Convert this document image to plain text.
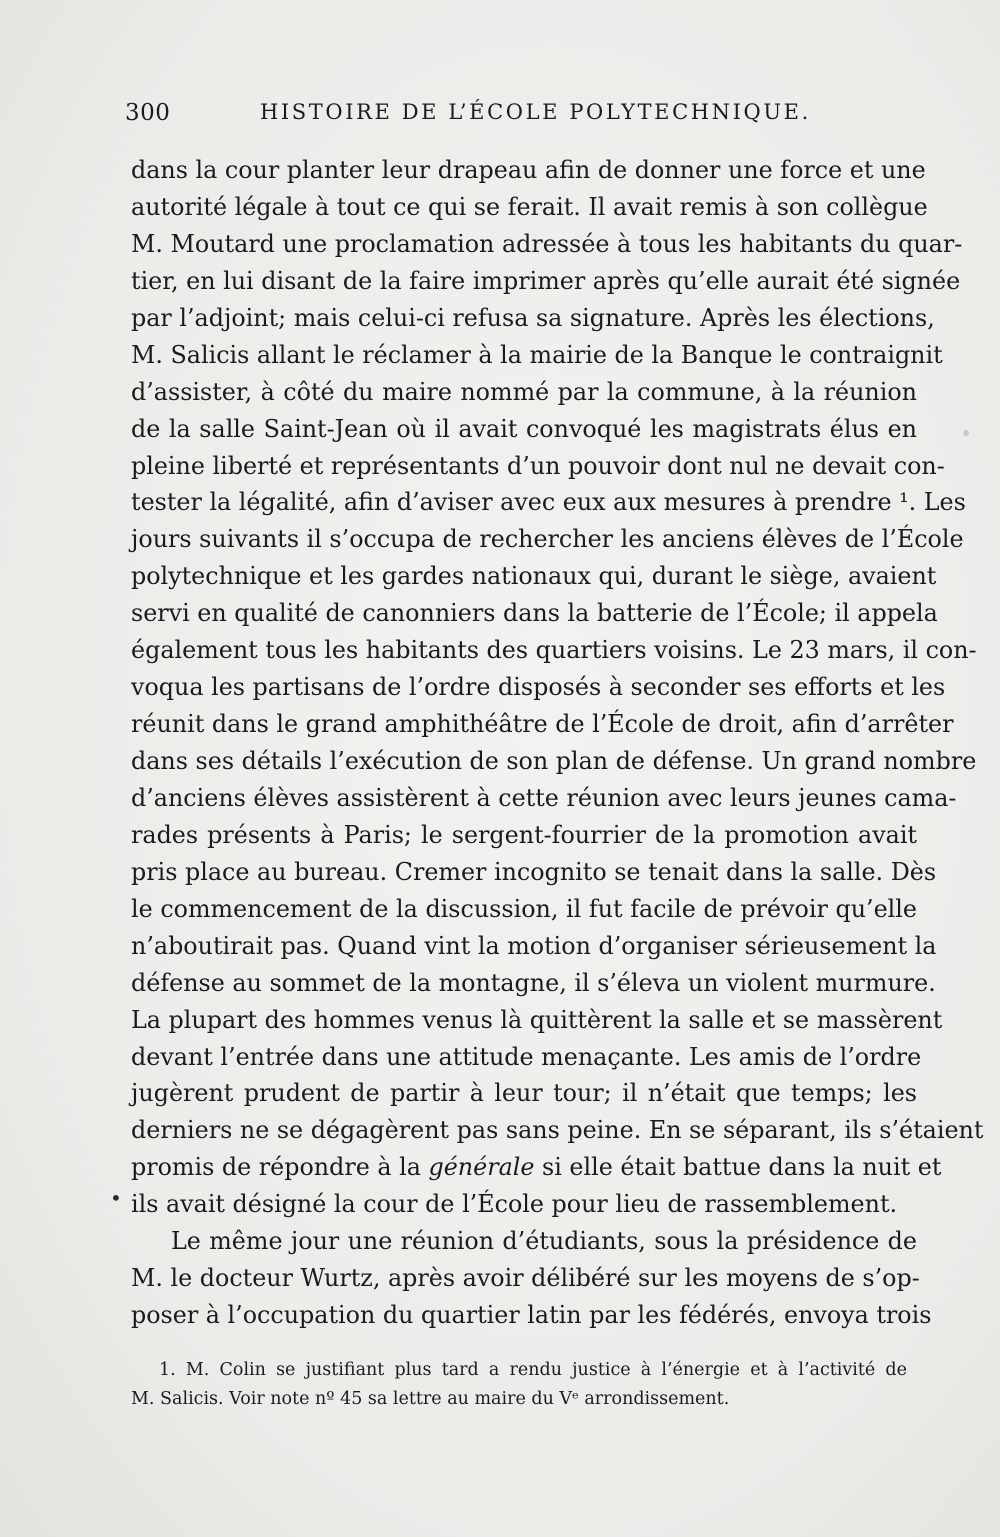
300	HISTOIRE DE L’ÉCOLE POLYTECHNIQUE.
dans la cour planter leur drapeau afin de donner une force et une
autorité légale à tout ce qui se ferait. Il avait remis à son collègue
M. Moutard une proclamation adressée à tous les habitants du quar-
tier, en lui disant de la faire imprimer après qu’elle aurait été signée
par l’adjoint; mais celui-ci refusa sa signature. Après les élections,
M. Salicis allant le réclamer à la mairie de la Banque le contraignit
d’assister, à côté du maire nommé par la commune, à la réunion
de la salle Saint-Jean où il avait convoqué les magistrats élus en
pleine liberté et représentants d’un pouvoir dont nul ne devait con-
tester la légalité, afin d’aviser avec eux aux mesures à prendre ¹. Les
jours suivants il s’occupa de rechercher les anciens élèves de l’École
polytechnique et les gardes nationaux qui, durant le siège, avaient
servi en qualité de canonniers dans la batterie de l’École; il appela
également tous les habitants des quartiers voisins. Le 23 mars, il con-
voqua les partisans de l’ordre disposés à seconder ses efforts et les
réunit dans le grand amphithéâtre de l’École de droit, afin d’arrêter
dans ses détails l’exécution de son plan de défense. Un grand nombre
d’anciens élèves assistèrent à cette réunion avec leurs jeunes cama-
rades présents à Paris; le sergent-fourrier de la promotion avait
pris place au bureau. Cremer incognito se tenait dans la salle. Dès
le commencement de la discussion, il fut facile de prévoir qu’elle
n’aboutirait pas. Quand vint la motion d’organiser sérieusement la
défense au sommet de la montagne, il s’éleva un violent murmure.
La plupart des hommes venus là quittèrent la salle et se massèrent
devant l’entrée dans une attitude menaçante. Les amis de l’ordre
jugèrent prudent de partir à leur tour; il n’était que temps; les
derniers ne se dégagèrent pas sans peine. En se séparant, ils s’étaient
promis de répondre à la générale si elle était battue dans la nuit et
ils avait désigné la cour de l’École pour lieu de rassemblement.
Le même jour une réunion d’étudiants, sous la présidence de
M. le docteur Wurtz, après avoir délibéré sur les moyens de s’op-
poser à l’occupation du quartier latin par les fédérés, envoya trois
1. M. Colin se justifiant plus tard a rendu justice à l’énergie et à l’activité de
M. Salicis. Voir note nº 45 sa lettre au maire du Vᵉ arrondissement.
•
